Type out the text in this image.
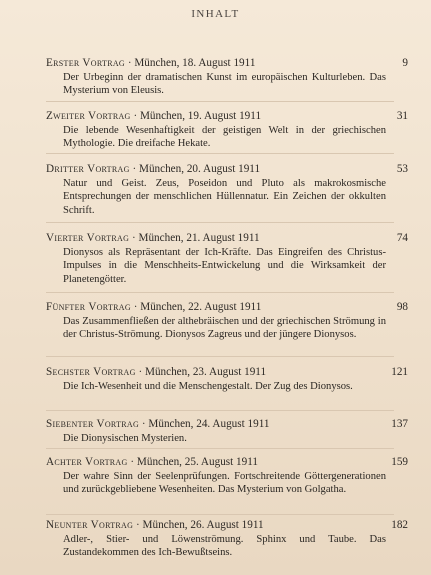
INHALT
Erster Vortrag · München, 18. August 1911	9
Der Urbeginn der dramatischen Kunst im europäischen Kulturleben. Das Mysterium von Eleusis.
Zweiter Vortrag · München, 19. August 1911	31
Die lebende Wesenhaftigkeit der geistigen Welt in der griechischen Mythologie. Die dreifache Hekate.
Dritter Vortrag · München, 20. August 1911	53
Natur und Geist. Zeus, Poseidon und Pluto als makrokosmische Entsprechungen der menschlichen Hüllennatur. Ein Zeichen der okkulten Schrift.
Vierter Vortrag · München, 21. August 1911	74
Dionysos als Repräsentant der Ich-Kräfte. Das Eingreifen des Christus-Impulses in die Menschheits-Entwickelung und die Wirksamkeit der Planetengötter.
Fünfter Vortrag · München, 22. August 1911	98
Das Zusammenfließen der althebräischen und der griechischen Strömung in der Christus-Strömung. Dionysos Zagreus und der jüngere Dionysos.
Sechster Vortrag · München, 23. August 1911	121
Die Ich-Wesenheit und die Menschengestalt. Der Zug des Dionysos.
Siebenter Vortrag · München, 24. August 1911	137
Die Dionysischen Mysterien.
Achter Vortrag · München, 25. August 1911	159
Der wahre Sinn der Seelenprüfungen. Fortschreitende Göttergenerationen und zurückgebliebene Wesenheiten. Das Mysterium von Golgatha.
Neunter Vortrag · München, 26. August 1911	182
Adler-, Stier- und Löwenströmung. Sphinx und Taube. Das Zustandekommen des Ich-Bewußtseins.
